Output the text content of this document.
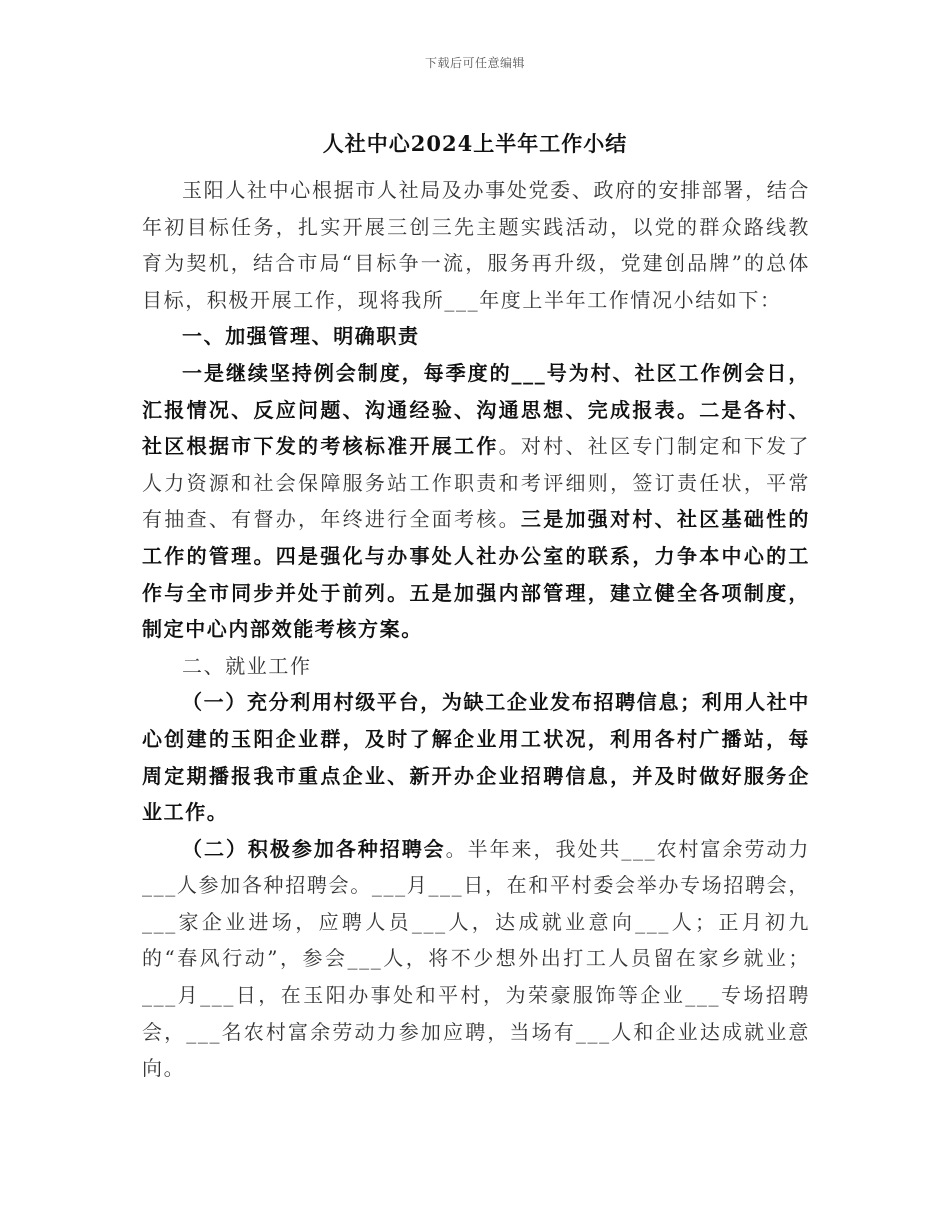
下载后可任意编辑
人社中心2024上半年工作小结

玉阳人社中心根据市人社局及办事处党委、政府的安排部署，结合年初目标任务，扎实开展三创三先主题实践活动，以党的群众路线教育为契机，结合市局“目标争一流，服务再升级，党建创品牌”的总体目标，积极开展工作，现将我所___年度上半年工作情况小结如下：

一、加强管理、明确职责

一是继续坚持例会制度，每季度的___号为村、社区工作例会日，汇报情况、反应问题、沟通经验、沟通思想、完成报表。二是各村、社区根据市下发的考核标准开展工作。对村、社区专门制定和下发了人力资源和社会保障服务站工作职责和考评细则，签订责任状，平常有抽查、有督办，年终进行全面考核。三是加强对村、社区基础性的工作的管理。四是强化与办事处人社办公室的联系，力争本中心的工作与全市同步并处于前列。五是加强内部管理，建立健全各项制度，制定中心内部效能考核方案。

二、就业工作

（一）充分利用村级平台，为缺工企业发布招聘信息；利用人社中心创建的玉阳企业群，及时了解企业用工状况，利用各村广播站，每周定期播报我市重点企业、新开办企业招聘信息，并及时做好服务企业工作。

（二）积极参加各种招聘会。半年来，我处共___农村富余劳动力___人参加各种招聘会。___月___日，在和平村委会举办专场招聘会，___家企业进场，应聘人员___人，达成就业意向___人；正月初九的“春风行动”，参会___人，将不少想外出打工人员留在家乡就业；___月___日，在玉阳办事处和平村，为荣豪服饰等企业___专场招聘会，___名农村富余劳动力参加应聘，当场有___人和企业达成就业意向。
